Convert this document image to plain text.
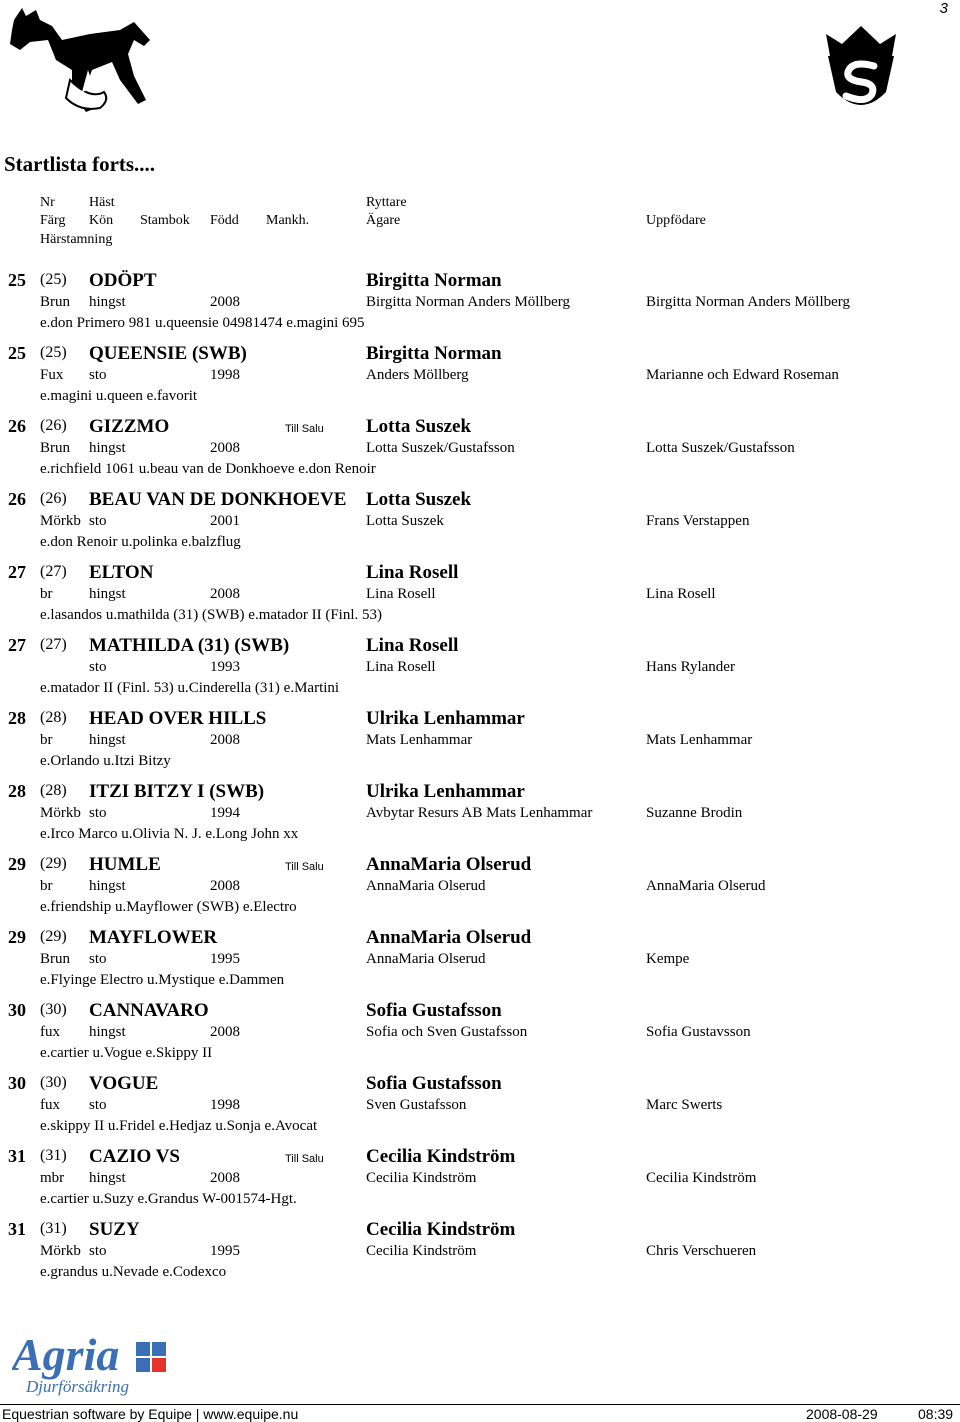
3
Startlista forts....
Nr Häst	Ryttare
Färg Kön Stambok Född Mankh.	Ägare	Uppfödare
Härstamning
25 (25) ODÖPT	Birgitta Norman
Brun hingst	2008	Birgitta Norman Anders Möllberg	Birgitta Norman Anders Möllberg
e.don Primero 981 u.queensie 04981474 e.magini 695
25 (25) QUEENSIE (SWB)	Birgitta Norman
Fux sto	1998	Anders Möllberg	Marianne och Edward Roseman
e.magini u.queen e.favorit
26 (26) GIZZMO	Till Salu Lotta Suszek
Brun hingst	2008	Lotta Suszek/Gustafsson	Lotta Suszek/Gustafsson
e.richfield 1061 u.beau van de Donkhoeve e.don Renoir
26 (26) BEAU VAN DE DONKHOEVE Lotta Suszek
Mörkb sto	2001	Lotta Suszek	Frans Verstappen
e.don Renoir u.polinka e.balzflug
27 (27) ELTON	Lina Rosell
br hingst	2008	Lina Rosell	Lina Rosell
e.lasandos u.mathilda (31) (SWB) e.matador II (Finl. 53)
27 (27) MATHILDA (31) (SWB)	Lina Rosell
sto	1993	Lina Rosell	Hans Rylander
e.matador II (Finl. 53) u.Cinderella (31) e.Martini
28 (28) HEAD OVER HILLS	Ulrika Lenhammar
br hingst	2008	Mats Lenhammar	Mats Lenhammar
e.Orlando u.Itzi Bitzy
28 (28) ITZI BITZY I (SWB)	Ulrika Lenhammar
Mörkb sto	1994	Avbytar Resurs AB Mats Lenhammar	Suzanne Brodin
e.Irco Marco u.Olivia N. J. e.Long John xx
29 (29) HUMLE	Till Salu AnnaMaria Olserud
br hingst	2008	AnnaMaria Olserud	AnnaMaria Olserud
e.friendship u.Mayflower (SWB) e.Electro
29 (29) MAYFLOWER	AnnaMaria Olserud
Brun sto	1995	AnnaMaria Olserud	Kempe
e.Flyinge Electro u.Mystique e.Dammen
30 (30) CANNAVARO	Sofia Gustafsson
fux hingst	2008	Sofia och Sven Gustafsson	Sofia Gustavsson
e.cartier u.Vogue e.Skippy II
30 (30) VOGUE	Sofia Gustafsson
fux sto	1998	Sven Gustafsson	Marc Swerts
e.skippy II u.Fridel e.Hedjaz u.Sonja e.Avocat
31 (31) CAZIO VS	Till Salu Cecilia Kindström
mbr hingst	2008	Cecilia Kindström	Cecilia Kindström
e.cartier u.Suzy e.Grandus W-001574-Hgt.
31 (31) SUZY	Cecilia Kindström
Mörkb sto	1995	Cecilia Kindström	Chris Verschueren
e.grandus u.Nevade e.Codexco
Agria
Djurförsäkring
Equestrian software by Equipe | www.equipe.nu	2008-08-29	08:39
